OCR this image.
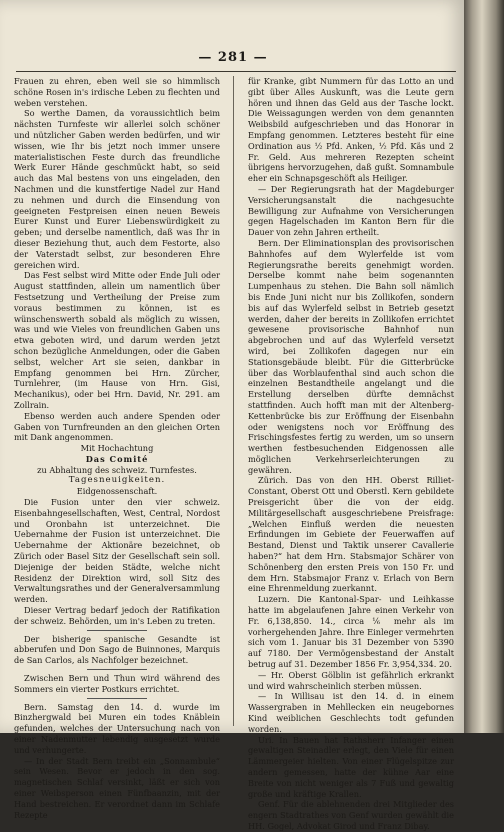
— 281 —

Frauen zu ehren, eben weil sie so himmlisch schöne Rosen in's irdische Leben zu flechten und weben verstehen.

So werthe Damen, da voraussichtlich beim nächsten Turnfeste wir allerlei solch schöner und nützlicher Gaben werden bedürfen, und wir wissen, wie Ihr bis jetzt noch immer unsere materialistischen Feste durch das freundliche Werk Eurer Hände geschmückt habt, so seid auch das Mal bestens von uns eingeladen, den Nachmen und die kunstfertige Nadel zur Hand zu nehmen und durch die Einsendung von geeigneten Festpreisen einen neuen Beweis Eurer Kunst und Eurer Liebenswürdigkeit zu geben; und derselbe namentlich, daß was Ihr in dieser Beziehung thut, auch dem Festorte, also der Vaterstadt selbst, zur besonderen Ehre gereichen wird.

Das Fest selbst wird Mitte oder Ende Juli oder August stattfinden, allein um namentlich über Festsetzung und Vertheilung der Preise zum voraus bestimmen zu können, ist es wünschenswerth sobald als möglich zu wissen, was und wie Vieles von freundlichen Gaben uns etwa geboten wird, und darum werden jetzt schon bezügliche Anmeldungen, oder die Gaben selbst, welcher Art sie seien, dankbar in Empfang genommen bei Hrn. Zürcher, Turnlehrer, (im Hause von Hrn. Gisi, Mechanikus), oder bei Hrn. David, Nr. 291. am Zollrain.

Ebenso werden auch andere Spenden oder Gaben von Turnfreunden an den gleichen Orten mit Dank angenommen.

Mit Hochachtung

Das Comité

zu Abhaltung des schweiz. Turnfestes.

Tagesneuigkeiten.

Eidgenossenschaft.

Die Fusion unter den vier schweiz. Eisenbahngesellschaften, West, Central, Nordost und Oronbahn ist unterzeichnet. Die Uebernahme der Fusion ist unterzeichnet. Die Uebernahme der Aktionäre bezeichnet, ob Zürich oder Basel Sitz der Gesellschaft sein soll. Diejenige der beiden Städte, welche nicht Residenz der Direktion wird, soll Sitz des Verwaltungsrathes und der Generalversammlung werden.

Dieser Vertrag bedarf jedoch der Ratifikation der schweiz. Behörden, um in's Leben zu treten.

Der bisherige spanische Gesandte ist abberufen und Don Sago de Buinnones, Marquis de San Carlos, als Nachfolger bezeichnet.

Zwischen Bern und Thun wird während des Sommers ein vierter Postkurs errichtet.

Bern. Samstag den 14. d. wurde im Binzhergwald bei Muren ein todes Knäblein gefunden, welches der Untersuchung nach von einer Nadenmutter lebendig ausgesetzt wurde und verhungerte.

— In der Stadt Bern treibt ein „Sonnambule“ sein Wesen. Bevor er jedoch in den sog. magnetischen Schlaf versinkt, läßt er sich von einer Weibsperson einen Fünfbaanzin, mit der Hand bestreichen. Er verordnet dann im Schlafe Rezepte

für Kranke, gibt Nummern für das Lotto an und gibt über Alles Auskunft, was die Leute gern hören und ihnen das Geld aus der Tasche lockt. Die Weissagungen werden von dem genannten Weibsbild aufgeschrieben und das Honorar in Empfang genommen. Letzteres besteht für eine Ordination aus ½ Pfd. Anken, ½ Pfd. Käs und 2 Fr. Geld. Aus mehreren Rezepten scheint übrigens hervorzugehen, daß gußt. Somnambule eher ein Schnapsgeschöft als Heiliger.

— Der Regierungsrath hat der Magdeburger Versicherungsanstalt die nachgesuchte Bewilligung zur Aufnahme von Versicherungen gegen Hagelschaden im Kanton Bern für die Dauer von zehn Jahren ertheilt.

Bern. Der Eliminationsplan des provisorischen Bahnhofes auf dem Wylerfelde ist vom Regierungsrathe bereits genehmigt worden. Derselbe kommt nahe beim sogenannten Lumpenhaus zu stehen. Die Bahn soll nämlich bis Ende Juni nicht nur bis Zollikofen, sondern bis auf das Wylerfeld selbst in Betrieb gesetzt werden, daher der bereits in Zollikofen errichtet gewesene provisorische Bahnhof nun abgebrochen und auf das Wylerfeld versetzt wird, bei Zollikofen dagegen nur ein Stationsgebäude bleibt. Für die Gitterbrücke über das Worblaufenthal sind auch schon die einzelnen Bestandtheile angelangt und die Erstellung derselben dürfte demnächst stattfinden. Auch hofft man mit der Altenberg-Kettenbrücke bis zur Eröffnung der Eisenbahn oder wenigstens noch vor Eröffnung des Frischingsfestes fertig zu werden, um so unsern werthen festbesuchenden Eidgenossen alle möglichen Verkehrserleichterungen zu gewähren.

Zürich. Das von den HH. Oberst Rilliet-Constant, Oberst Ott und Oberstl. Kern gebildete Preisgericht über die von der eidg. Militärgesellschaft ausgeschriebene Preisfrage: „Welchen Einfluß werden die neuesten Erfindungen im Gebiete der Feuerwaffen auf Bestand, Dienst und Taktik unserer Cavallerie haben?“ hat dem Hrn. Stabsmajor Schärer von Schönenberg den ersten Preis von 150 Fr. und dem Hrn. Stabsmajor Franz v. Erlach von Bern eine Ehrenmeldung zuerkannt.

Luzern. Die Kantonal-Spar- und Leihkasse hatte im abgelaufenen Jahre einen Verkehr von Fr. 6,138,850. 14., circa ⅙ mehr als im vorhergehenden Jahre. Ihre Einleger vermehrten sich vom 1. Januar bis 31 Dezember von 5390 auf 7180. Der Vermögensbestand der Anstalt betrug auf 31. Dezember 1856 Fr. 3,954,334. 20.

— Hr. Oberst Gölblin ist gefährlich erkrankt und wird wahrscheinlich sterben müssen.

— In Willisau ist den 14. d. in einem Wassergraben in Mehllecken ein neugebornes Kind weiblichen Geschlechts todt gefunden worden.

Uri. In Bauen hat Rathsherr Infanger einen gewaltigen Steinadler erlegt, den Viele für einen Lämmergeier hielten. Von einer Flügelspitze zur andern gemessen, hatte der kühne Aar eine Breite von nicht weniger als 7 Fuß und gewaltig große und kräftige Krallen.

Genf. Für die ablehnenden drei Mitglieder des engern Stadtrathes von Genf wurden gewählt die HH. Gogel, Advokat Girod und Franz Dibay.
